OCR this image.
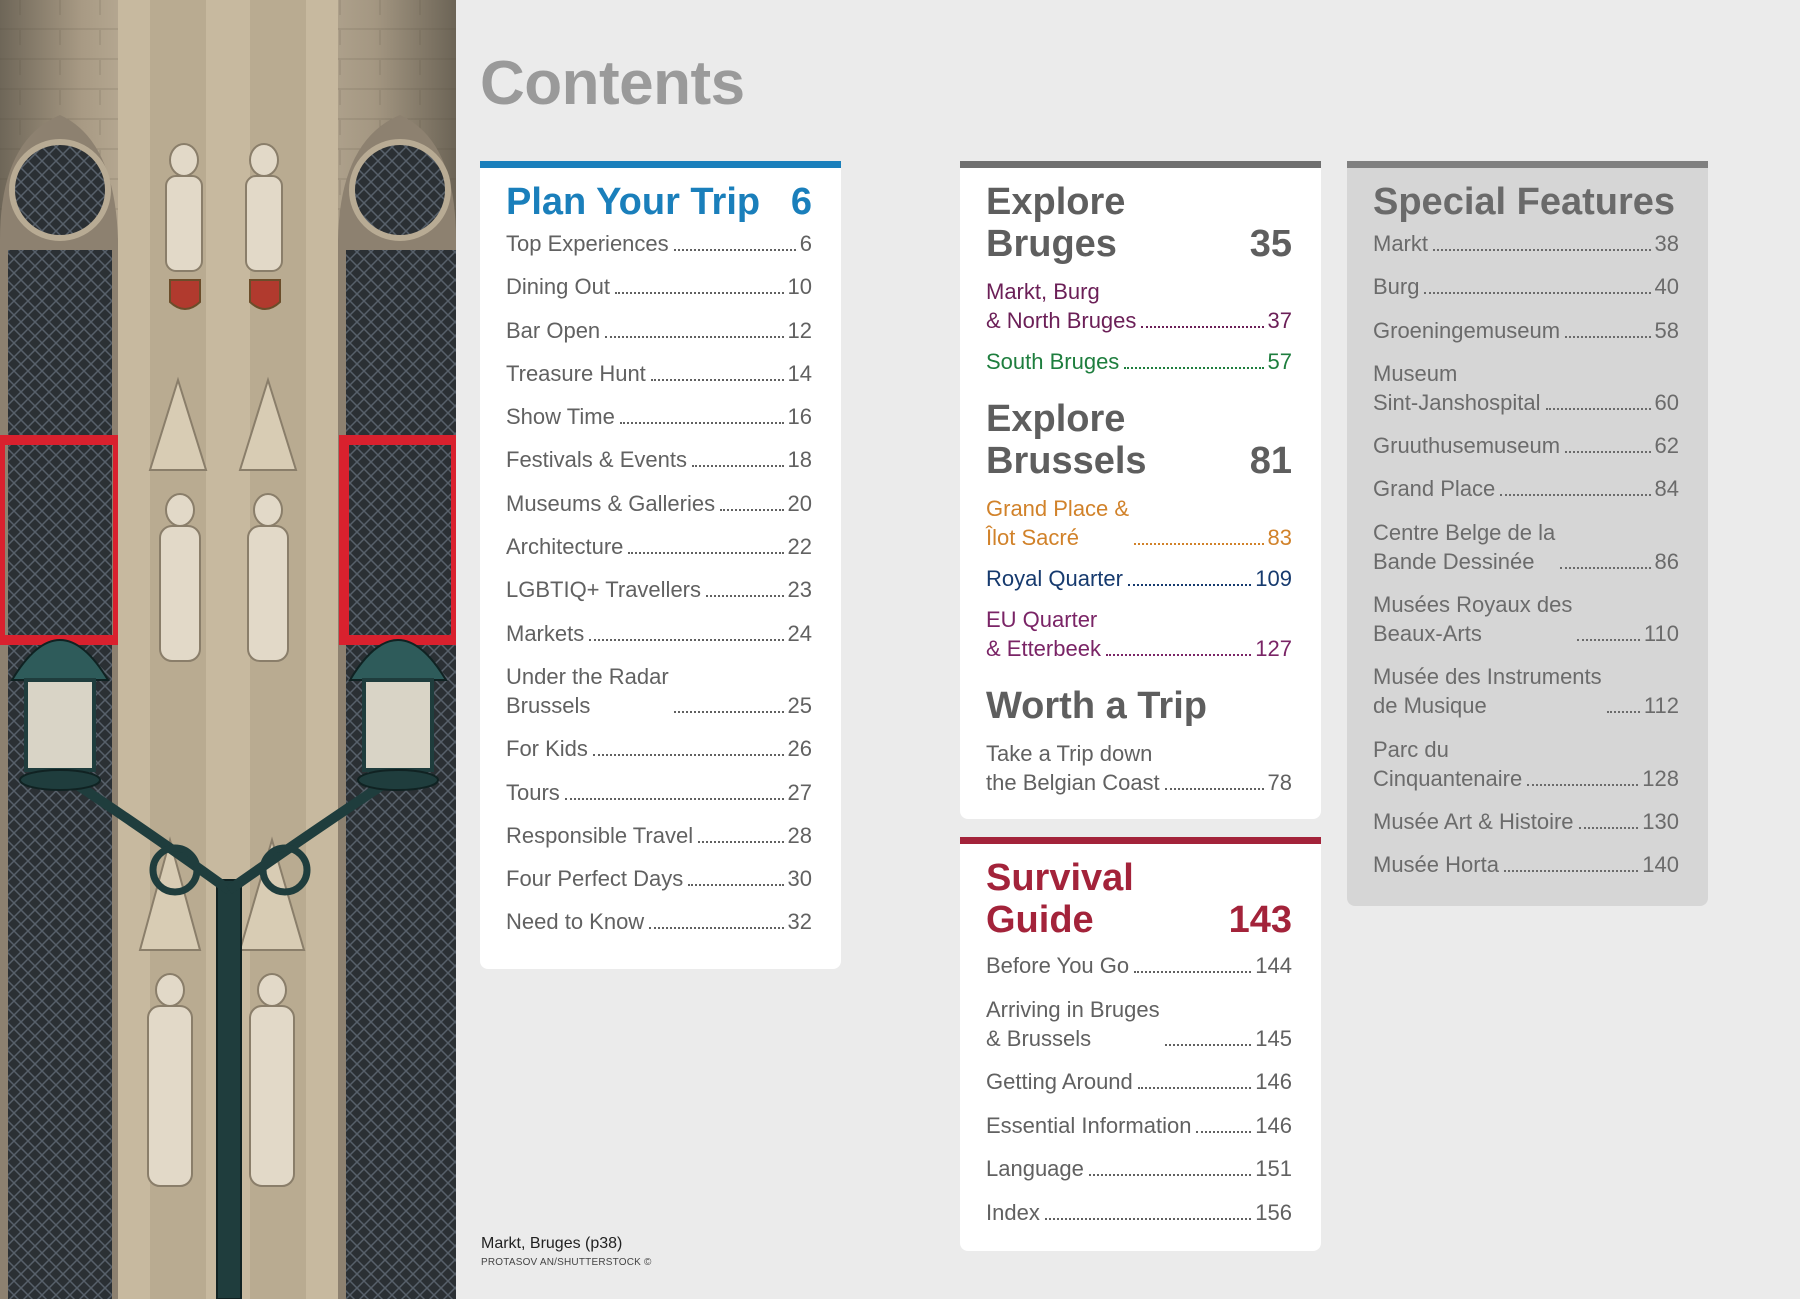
Markt, Bruges (p38)
PROTASOV AN/SHUTTERSTOCK ©
Contents
Plan Your Trip 6
Top Experiences	6
Dining Out	10
Bar Open	12
Treasure Hunt	14
Show Time	16
Festivals & Events	18
Museums & Galleries	20
Architecture	22
LGBTIQ+ Travellers	23
Markets	24
Under the Radar
Brussels	25
For Kids	26
Tours	27
Responsible Travel	28
Four Perfect Days	30
Need to Know	32
Explore
Bruges	35
Markt, Burg
& North Bruges	37
South Bruges	57
Explore
Brussels	81
Grand Place &
Îlot Sacré	83
Royal Quarter	109
EU Quarter
& Etterbeek	127
Worth a Trip
Take a Trip down
the Belgian Coast	78
Survival
Guide	143
Before You Go	144
Arriving in Bruges
& Brussels	145
Getting Around	146
Essential Information	146
Language	151
Index	156
Special Features
Markt	38
Burg	40
Groeningemuseum	58
Museum
Sint-Janshospital	60
Gruuthusemuseum	62
Grand Place	84
Centre Belge de la
Bande Dessinée	86
Musées Royaux des
Beaux-Arts	110
Musée des Instruments
de Musique	112
Parc du
Cinquantenaire	128
Musée Art & Histoire	130
Musée Horta	140
